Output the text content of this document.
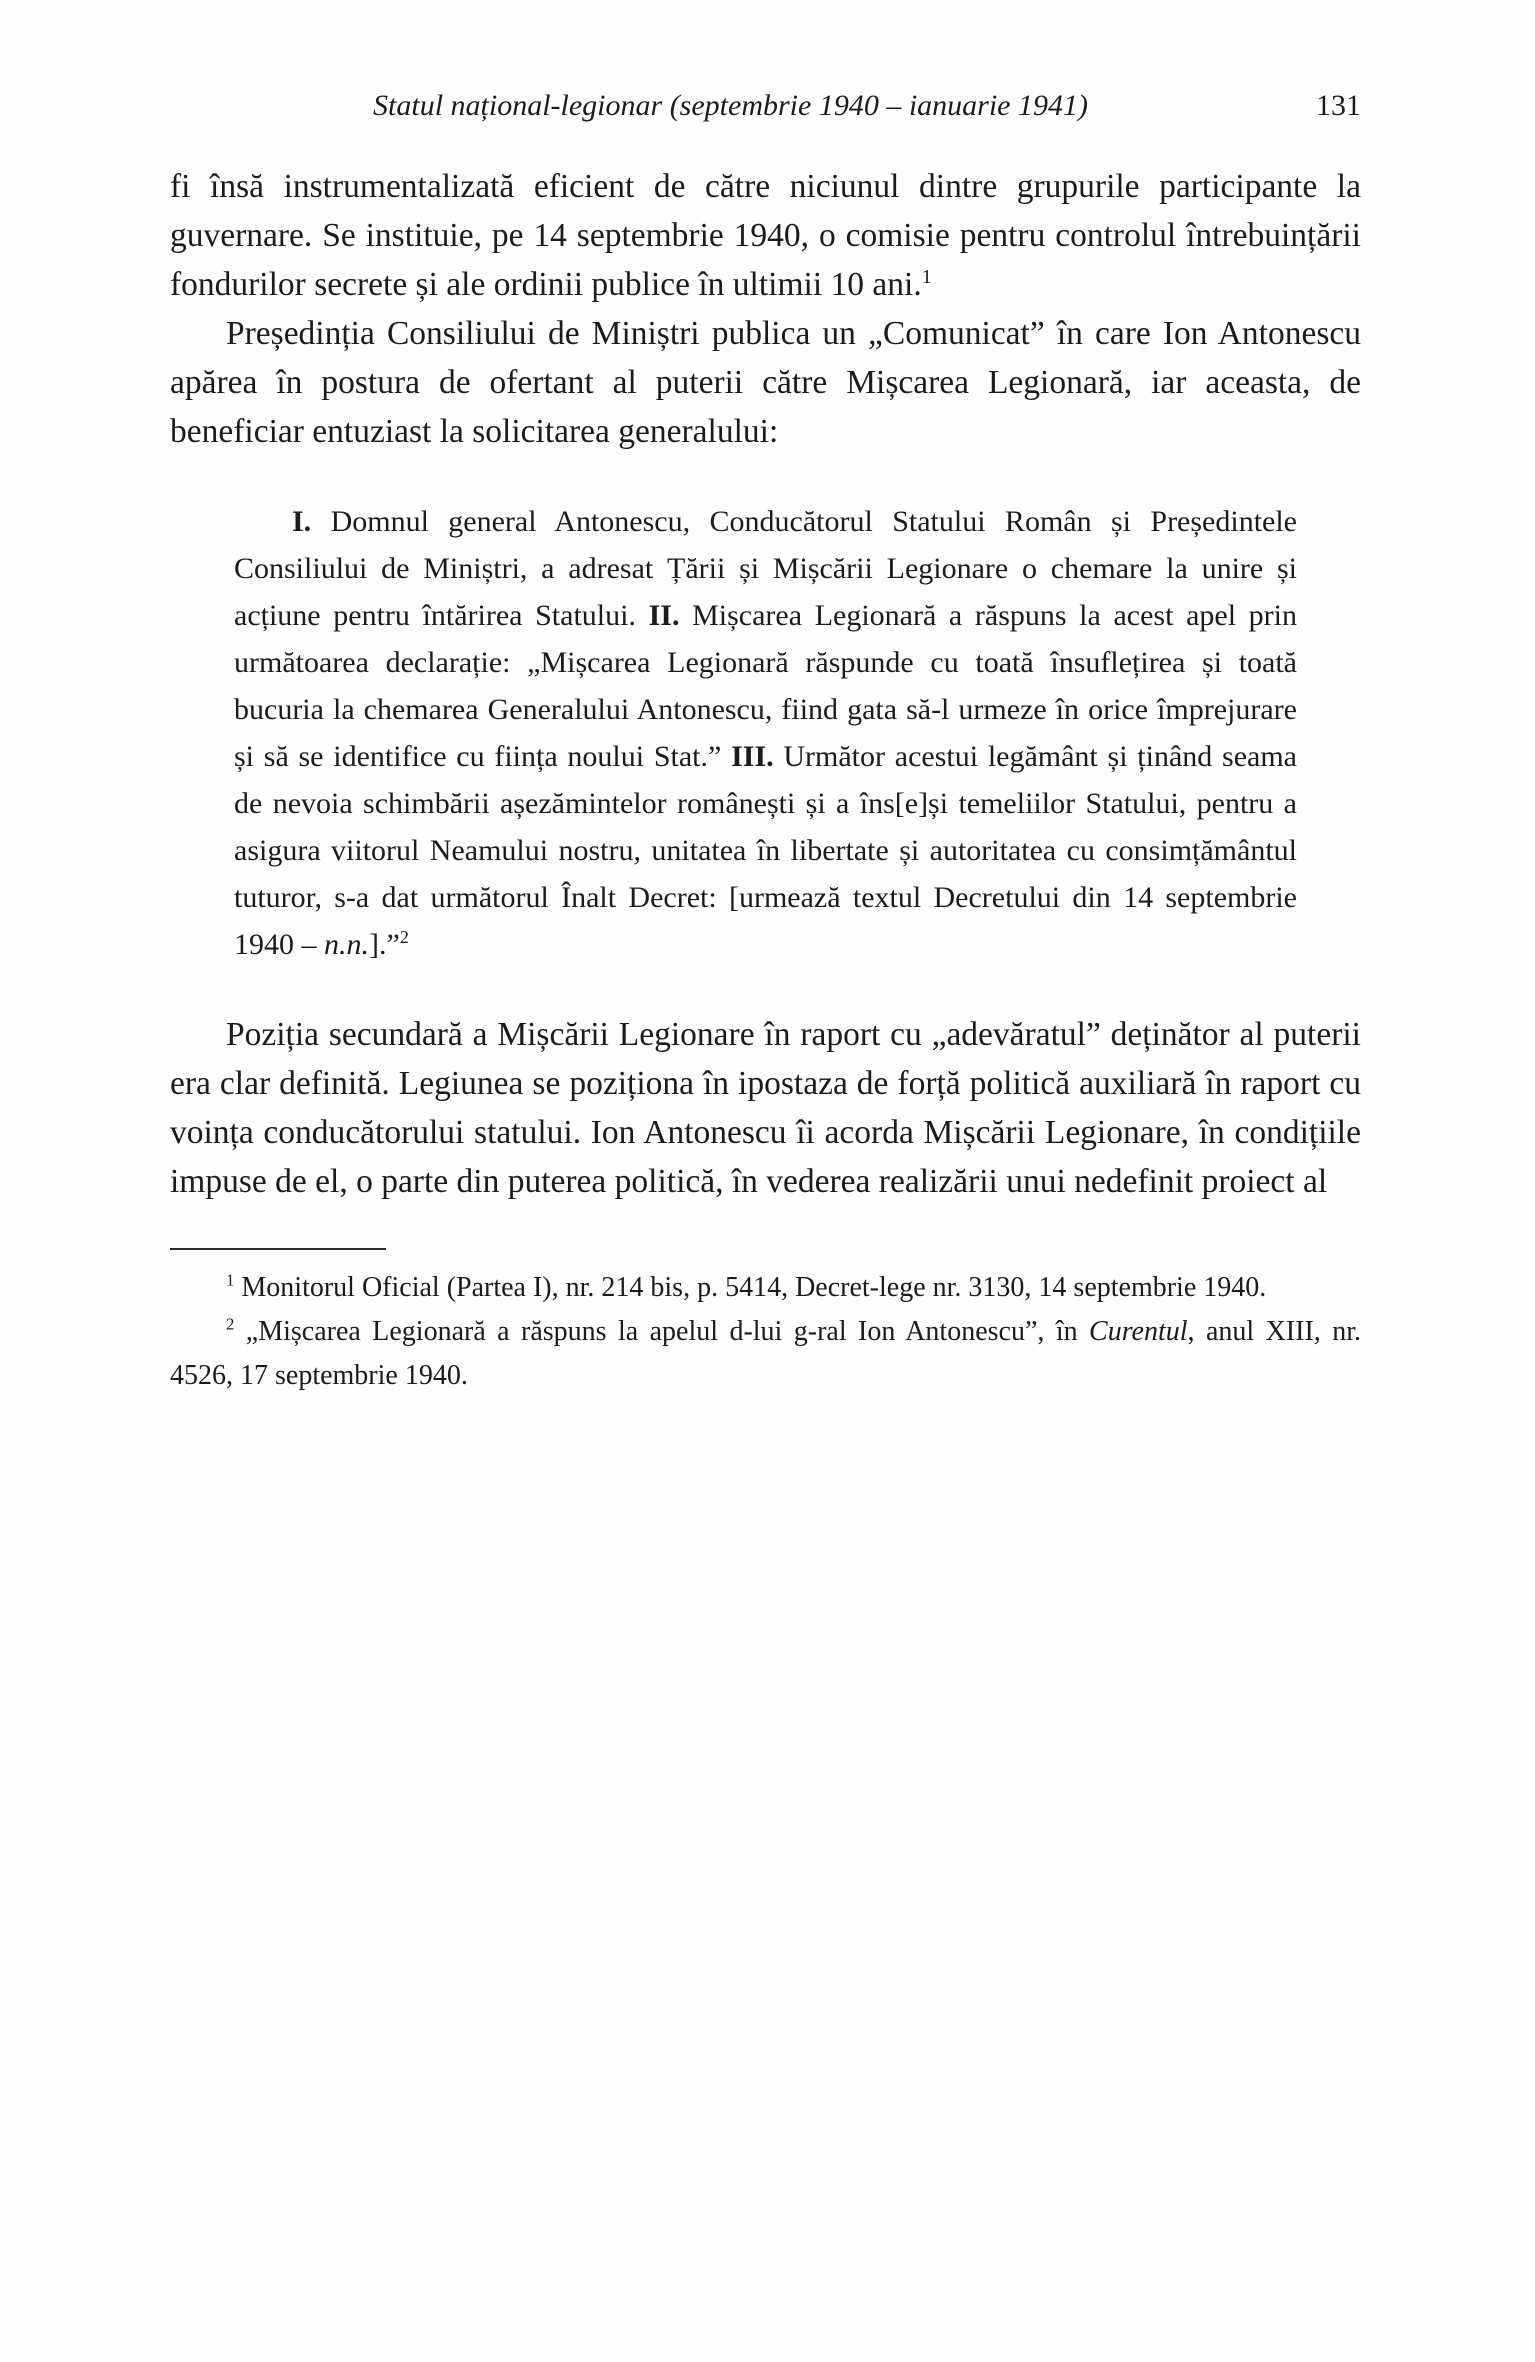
Statul național-legionar (septembrie 1940 – ianuarie 1941)	131

fi însă instrumentalizată eficient de către niciunul dintre grupurile participante la guvernare. Se instituie, pe 14 septembrie 1940, o comisie pentru controlul întrebuințării fondurilor secrete și ale ordinii publice în ultimii 10 ani.$^1$

Președinția Consiliului de Miniștri publica un „Comunicat” în care Ion Antonescu apărea în postura de ofertant al puterii către Mișcarea Legionară, iar aceasta, de beneficiar entuziast la solicitarea generalului:

I. Domnul general Antonescu, Conducătorul Statului Român și Președintele Consiliului de Miniștri, a adresat Țării și Mișcării Legionare o chemare la unire și acțiune pentru întărirea Statului. II. Mișcarea Legionară a răspuns la acest apel prin următoarea declarație: „Mișcarea Legionară răspunde cu toată însuflețirea și toată bucuria la chemarea Generalului Antonescu, fiind gata să-l urmeze în orice împrejurare și să se identifice cu ființa noului Stat.” III. Următor acestui legământ și ținând seama de nevoia schimbării așezămintelor românești și a îns[e]și temeliilor Statului, pentru a asigura viitorul Neamului nostru, unitatea în libertate și autoritatea cu consimțământul tuturor, s-a dat următorul Înalt Decret: [urmează textul Decretului din 14 septembrie 1940 – n.n.].”$^2$

Poziția secundară a Mișcării Legionare în raport cu „adevăratul” deținător al puterii era clar definită. Legiunea se poziționa în ipostaza de forță politică auxiliară în raport cu voința conducătorului statului. Ion Antonescu îi acorda Mișcării Legionare, în condițiile impuse de el, o parte din puterea politică, în vederea realizării unui nedefinit proiect al

$^1$ Monitorul Oficial (Partea I), nr. 214 bis, p. 5414, Decret-lege nr. 3130, 14 septembrie 1940.

$^2$ „Mișcarea Legionară a răspuns la apelul d-lui g-ral Ion Antonescu”, în Curentul, anul XIII, nr. 4526, 17 septembrie 1940.
